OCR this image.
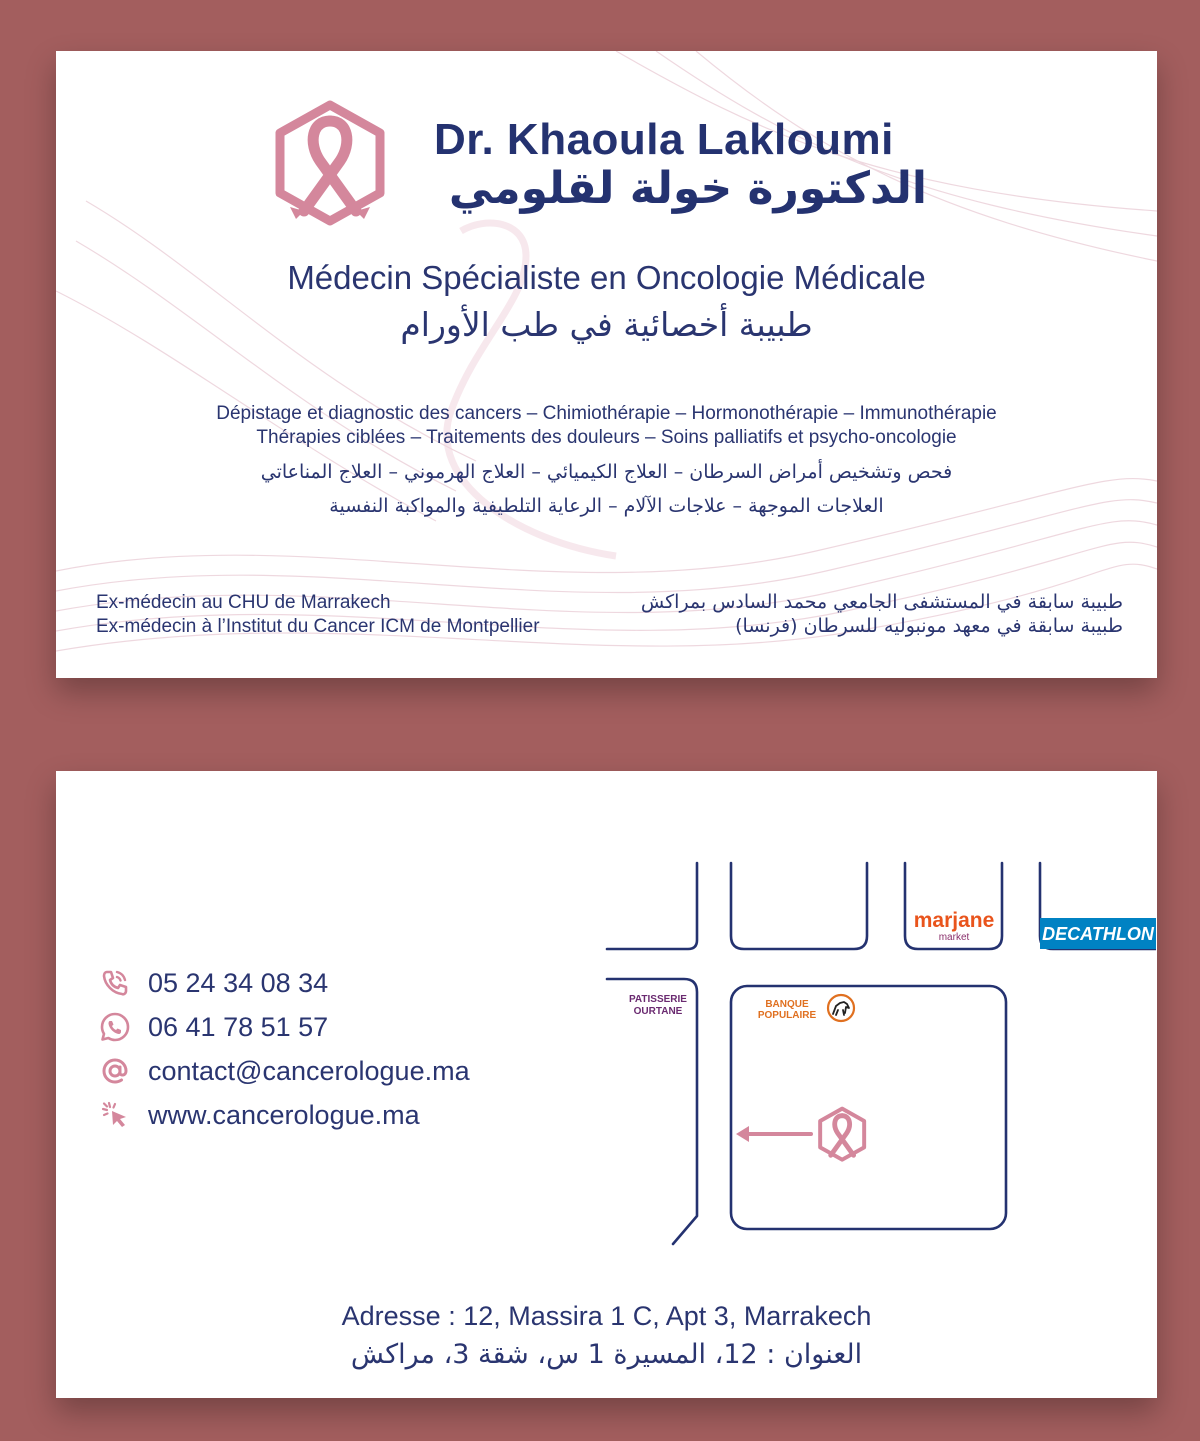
Dr. Khaoula Lakloumi
الدكتورة خولة لقلومي
Médecin Spécialiste en Oncologie Médicale
طبيبة أخصائية في طب الأورام
Dépistage et diagnostic des cancers – Chimiothérapie – Hormonothérapie – Immunothérapie
Thérapies ciblées – Traitements des douleurs – Soins palliatifs et psycho-oncologie
فحص وتشخيص أمراض السرطان – العلاج الكيميائي – العلاج الهرموني – العلاج المناعاتي
العلاجات الموجهة – علاجات الآلام – الرعاية التلطيفية والمواكبة النفسية
Ex-médecin au CHU de Marrakech
Ex-médecin à l’Institut du Cancer ICM de Montpellier
طبيبة سابقة في المستشفى الجامعي محمد السادس بمراكش
طبيبة سابقة في معهد مونبوليه للسرطان (فرنسا)
05 24 34 08 34
06 41 78 51 57
contact@cancerologue.ma
www.cancerologue.ma
marjane
market	DECATHLON
PATISSERIE
OURTANE
BANQUE
POPULAIRE
Adresse : 12, Massira 1 C, Apt 3, Marrakech
العنوان : 12، المسيرة 1 س، شقة 3، مراكش
